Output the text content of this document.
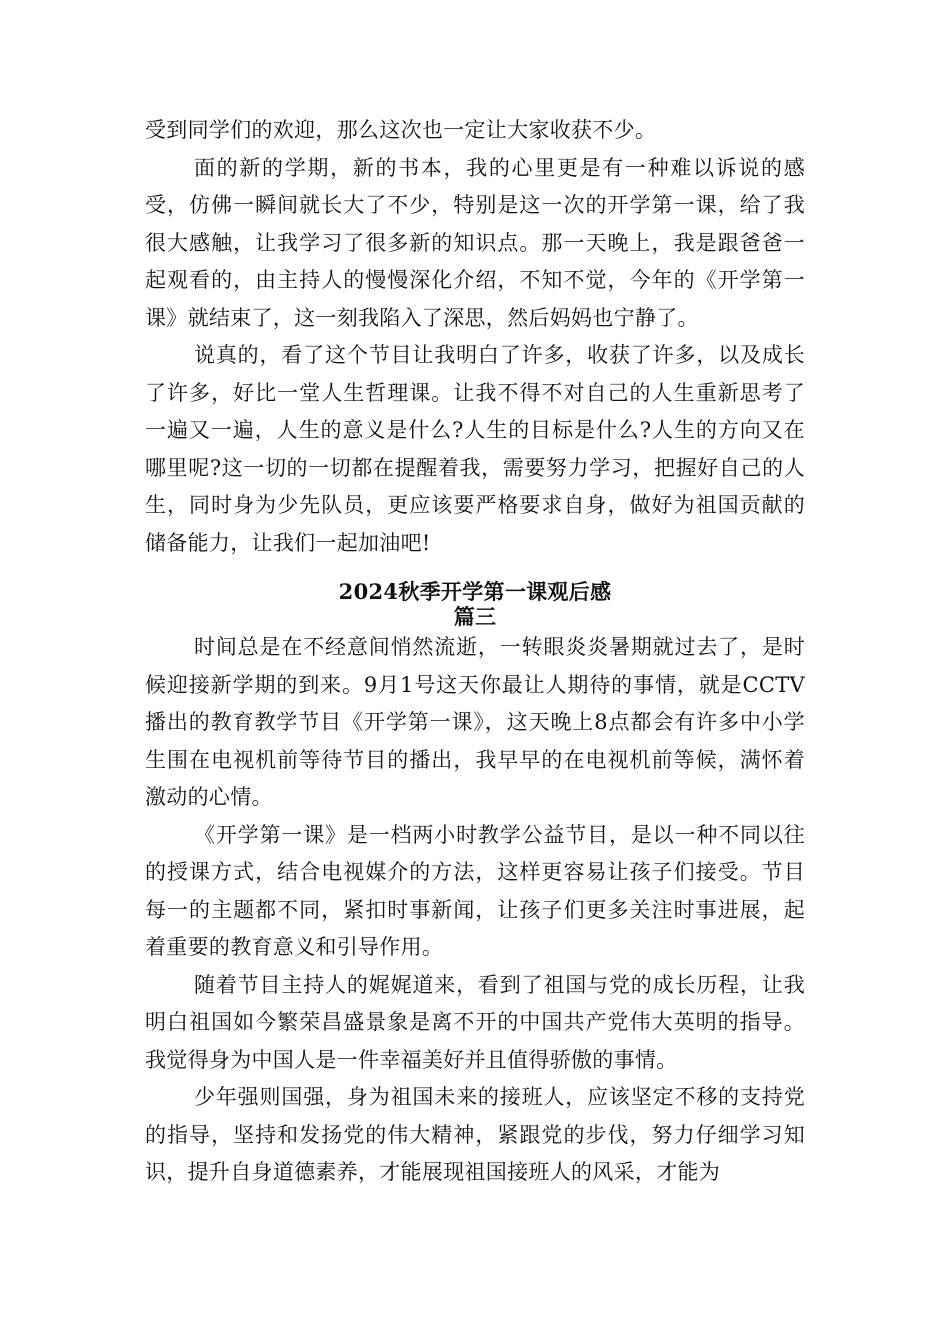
受到同学们的欢迎，那么这次也一定让大家收获不少。

面的新的学期，新的书本，我的心里更是有一种难以诉说的感受，仿佛一瞬间就长大了不少，特别是这一次的开学第一课，给了我很大感触，让我学习了很多新的知识点。那一天晚上，我是跟爸爸一起观看的，由主持人的慢慢深化介绍，不知不觉，今年的《开学第一课》就结束了，这一刻我陷入了深思，然后妈妈也宁静了。

说真的，看了这个节目让我明白了许多，收获了许多，以及成长了许多，好比一堂人生哲理课。让我不得不对自己的人生重新思考了一遍又一遍，人生的意义是什么?人生的目标是什么?人生的方向又在哪里呢?这一切的一切都在提醒着我，需要努力学习，把握好自己的人生，同时身为少先队员，更应该要严格要求自身，做好为祖国贡献的储备能力，让我们一起加油吧!

2024秋季开学第一课观后感

篇三

时间总是在不经意间悄然流逝，一转眼炎炎暑期就过去了，是时候迎接新学期的到来。9月1号这天你最让人期待的事情，就是CCTV播出的教育教学节目《开学第一课》，这天晚上8点都会有许多中小学生围在电视机前等待节目的播出，我早早的在电视机前等候，满怀着激动的心情。

《开学第一课》是一档两小时教学公益节目，是以一种不同以往的授课方式，结合电视媒介的方法，这样更容易让孩子们接受。节目每一的主题都不同，紧扣时事新闻，让孩子们更多关注时事进展，起着重要的教育意义和引导作用。

随着节目主持人的娓娓道来，看到了祖国与党的成长历程，让我明白祖国如今繁荣昌盛景象是离不开的中国共产党伟大英明的指导。我觉得身为中国人是一件幸福美好并且值得骄傲的事情。

少年强则国强，身为祖国未来的接班人，应该坚定不移的支持党的指导，坚持和发扬党的伟大精神，紧跟党的步伐，努力仔细学习知识，提升自身道德素养，才能展现祖国接班人的风采，才能为
